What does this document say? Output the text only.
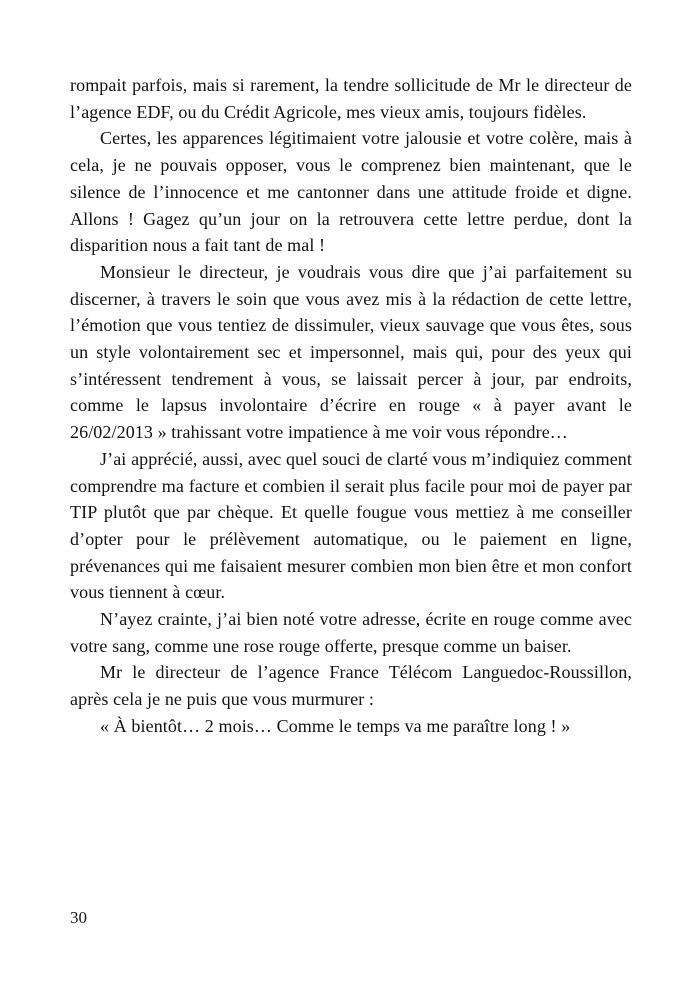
rompait parfois, mais si rarement, la tendre sollicitude de Mr le directeur de l’agence EDF, ou du Crédit Agricole, mes vieux amis, toujours fidèles.

Certes, les apparences légitimaient votre jalousie et votre colère, mais à cela, je ne pouvais opposer, vous le comprenez bien maintenant, que le silence de l’innocence et me cantonner dans une attitude froide et digne. Allons ! Gagez qu’un jour on la retrouvera cette lettre perdue, dont la disparition nous a fait tant de mal !

Monsieur le directeur, je voudrais vous dire que j’ai parfaitement su discerner, à travers le soin que vous avez mis à la rédaction de cette lettre, l’émotion que vous tentiez de dissimuler, vieux sauvage que vous êtes, sous un style volontairement sec et impersonnel, mais qui, pour des yeux qui s’intéressent tendrement à vous, se laissait percer à jour, par endroits, comme le lapsus involontaire d’écrire en rouge « à payer avant le 26/02/2013 » trahissant votre impatience à me voir vous répondre…

J’ai apprécié, aussi, avec quel souci de clarté vous m’indiquiez comment comprendre ma facture et combien il serait plus facile pour moi de payer par TIP plutôt que par chèque. Et quelle fougue vous mettiez à me conseiller d’opter pour le prélèvement automatique, ou le paiement en ligne, prévenances qui me faisaient mesurer combien mon bien être et mon confort vous tiennent à cœur.

N’ayez crainte, j’ai bien noté votre adresse, écrite en rouge comme avec votre sang, comme une rose rouge offerte, presque comme un baiser.

Mr le directeur de l’agence France Télécom Languedoc-Roussillon, après cela je ne puis que vous murmurer :

« À bientôt… 2 mois… Comme le temps va me paraître long ! »

30
